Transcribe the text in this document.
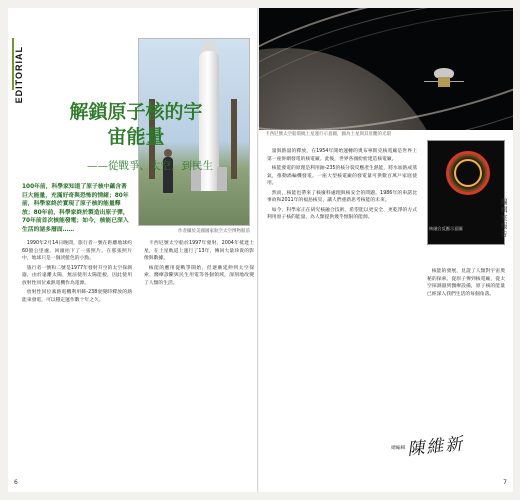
EDITORIAL
作者攝於美國國家航空太空博物館前
解鎖原子核的宇宙能量
——從戰爭、太空，到民生
100年前，科學家知道了原子核中蘊含著巨大能量，充滿好奇與恐怖的情緒；80年前，科學家終於實現了原子核的能量釋放；80年前，科學家終於製造出原子彈，70年前首次核能發電；如今，核能已深入生活的諸多層面……

1990年2月14日晚間，旅行者一號在距離地球約60億公里處，回頭拍下了一張照片。在那張照片中，地球只是一個淡藍色的小點。

旅行者一號和二號是1977年發射升空的太空探測器，由於遠離太陽，無法使用太陽能板，因此使用放射性同位素熱電機作為電源。

放射性同位素熱電機利用鈽-238衰變時釋放的熱能來發電，可以穩定運作數十年之久。

卡西尼號太空船於1997年發射，2004年抵達土星，在土星軌道上運行了13年，傳回大量珍貴的影像與數據。

核能的應用從戰爭開始，但逐漸延伸到太空探索、醫療診斷與民生用電等各個領域，深刻地改變了人類的生活。

6
卡西尼號太空船環繞土星運行示意圖，圖為土星與其壯觀的光環

量與熱量的釋放，在1954年開始運轉的奧布寧斯克核電廠是世界上第一座併網發電的核電廠。此後，世界各國紛紛建造核電廠。

核能發電的原理是利用鈾-235的核分裂反應產生熱能，將水加熱成蒸氣，推動渦輪機發電。一座大型核電廠的發電量可供數百萬戶家庭使用。

然而，核能也帶來了核廢料處理與核安全的問題。1986年的車諾比事故和2011年的福島核災，讓人們重新思考核能的未來。

如今，科學家正在研究核融合技術，希望能以更安全、更乾淨的方式利用原子核的能量，為人類提供幾乎無限的能源。

核能的發展，見證了人類對宇宙奧秘的探索。從原子彈到核電廠，從太空探測器到醫療設備，原子核的能量已經深入我們生活的每個角落。

核融合反應示意圖
總編輯 陳維新
編輯室報告
7
